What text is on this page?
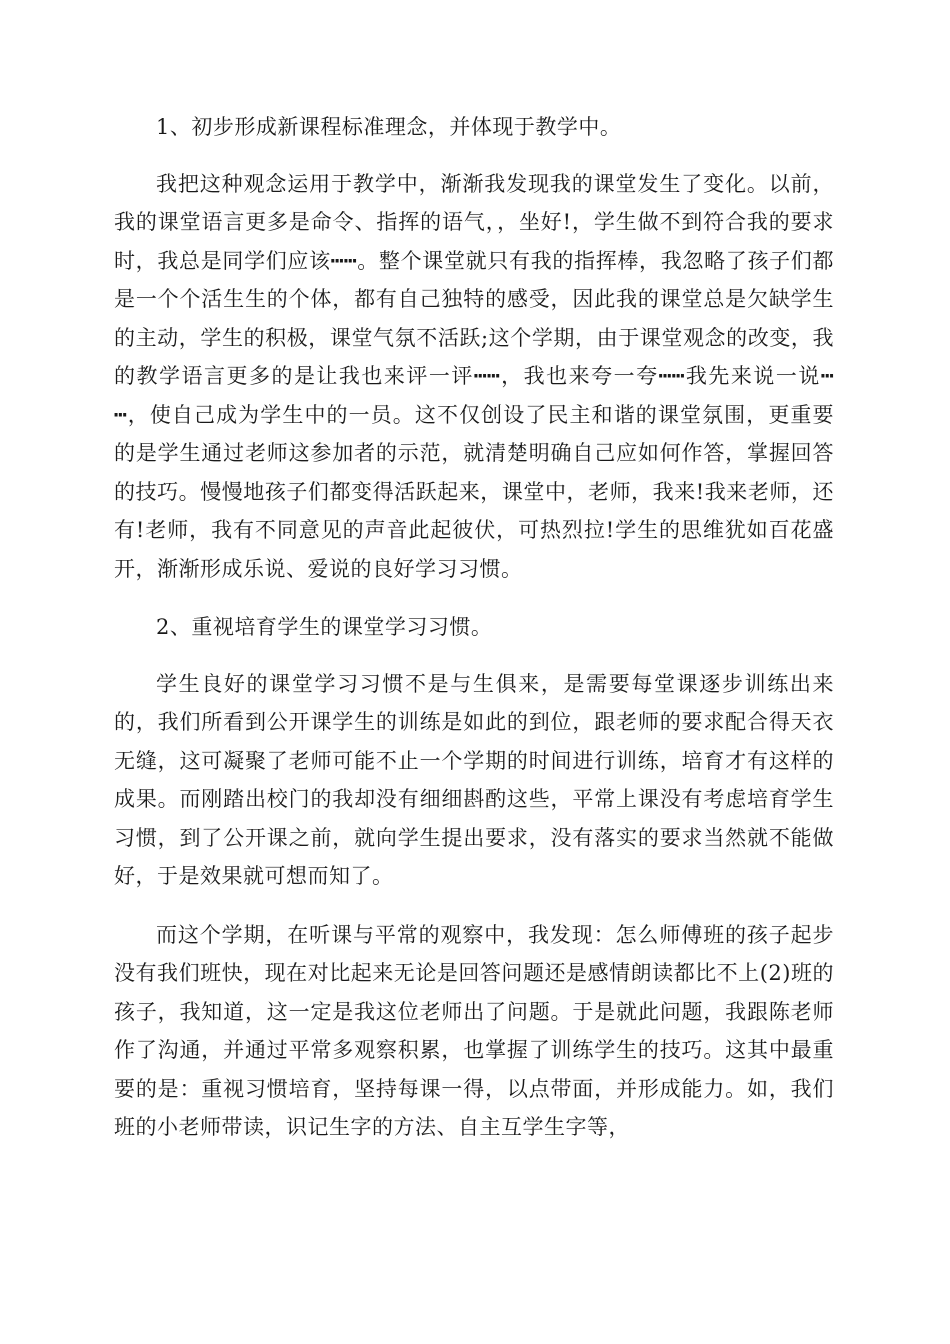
1、初步形成新课程标准理念，并体现于教学中。

我把这种观念运用于教学中，渐渐我发现我的课堂发生了变化。以前，我的课堂语言更多是命令、指挥的语气，，坐好!，学生做不到符合我的要求时，我总是同学们应该┅┅。整个课堂就只有我的指挥棒，我忽略了孩子们都是一个个活生生的个体，都有自己独特的感受，因此我的课堂总是欠缺学生的主动，学生的积极，课堂气氛不活跃;这个学期，由于课堂观念的改变，我的教学语言更多的是让我也来评一评┅┅，我也来夸一夸┅┅我先来说一说┅┅，使自己成为学生中的一员。这不仅创设了民主和谐的课堂氛围，更重要的是学生通过老师这参加者的示范，就清楚明确自己应如何作答，掌握回答的技巧。慢慢地孩子们都变得活跃起来，课堂中，老师，我来!我来老师，还有!老师，我有不同意见的声音此起彼伏，可热烈拉!学生的思维犹如百花盛开，渐渐形成乐说、爱说的良好学习习惯。

2、重视培育学生的课堂学习习惯。

学生良好的课堂学习习惯不是与生俱来，是需要每堂课逐步训练出来的，我们所看到公开课学生的训练是如此的到位，跟老师的要求配合得天衣无缝，这可凝聚了老师可能不止一个学期的时间进行训练，培育才有这样的成果。而刚踏出校门的我却没有细细斟酌这些，平常上课没有考虑培育学生习惯，到了公开课之前，就向学生提出要求，没有落实的要求当然就不能做好，于是效果就可想而知了。

而这个学期，在听课与平常的观察中，我发现：怎么师傅班的孩子起步没有我们班快，现在对比起来无论是回答问题还是感情朗读都比不上(2)班的孩子，我知道，这一定是我这位老师出了问题。于是就此问题，我跟陈老师作了沟通，并通过平常多观察积累，也掌握了训练学生的技巧。这其中最重要的是：重视习惯培育，坚持每课一得，以点带面，并形成能力。如，我们班的小老师带读，识记生字的方法、自主互学生字等，
